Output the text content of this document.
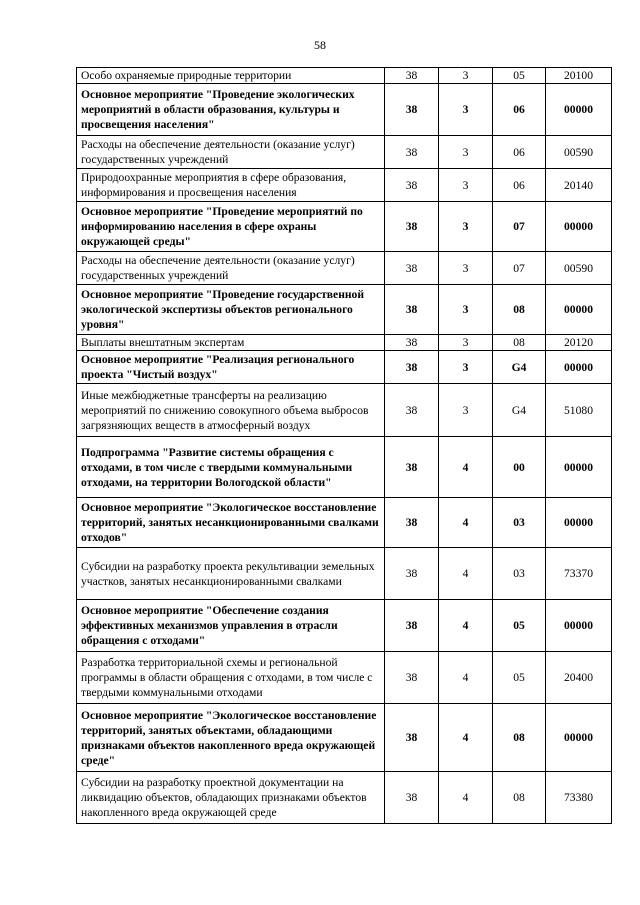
58
Особо охраняемые природные территории	38	3	05	20100
Основное мероприятие "Проведение экологических мероприятий в области образования, культуры и просвещения населения"	38	3	06	00000
Расходы на обеспечение деятельности (оказание услуг) государственных учреждений	38	3	06	00590
Природоохранные мероприятия в сфере образования, информирования и просвещения населения	38	3	06	20140
Основное мероприятие "Проведение мероприятий по информированию населения в сфере охраны окружающей среды"	38	3	07	00000
Расходы на обеспечение деятельности (оказание услуг) государственных учреждений	38	3	07	00590
Основное мероприятие "Проведение государственной экологической экспертизы объектов регионального уровня"	38	3	08	00000
Выплаты внештатным экспертам	38	3	08	20120
Основное мероприятие "Реализация регионального проекта "Чистый воздух"	38	3	G4	00000
Иные межбюджетные трансферты на реализацию мероприятий по снижению совокупного объема выбросов загрязняющих веществ в атмосферный воздух	38	3	G4	51080
Подпрограмма "Развитие системы обращения с отходами, в том числе с твердыми коммунальными отходами, на территории Вологодской области"	38	4	00	00000
Основное мероприятие "Экологическое восстановление территорий, занятых несанкционированными свалками отходов"	38	4	03	00000
Субсидии на разработку проекта рекультивации земельных участков, занятых несанкционированными свалками	38	4	03	73370
Основное мероприятие "Обеспечение создания эффективных механизмов управления в отрасли обращения с отходами"	38	4	05	00000
Разработка территориальной схемы и региональной программы в области обращения с отходами, в том числе с твердыми коммунальными отходами	38	4	05	20400
Основное мероприятие "Экологическое восстановление территорий, занятых объектами, обладающими признаками объектов накопленного вреда окружающей среде"	38	4	08	00000
Субсидии на разработку проектной документации на ликвидацию объектов, обладающих признаками объектов накопленного вреда окружающей среде	38	4	08	73380
